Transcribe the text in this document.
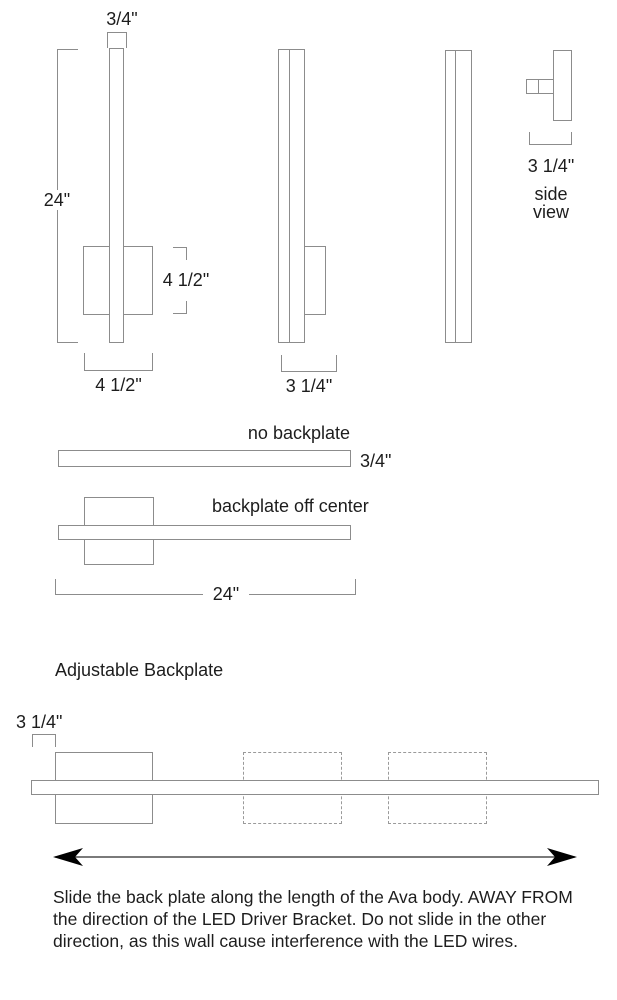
3/4"
24"
4 1/2"
4 1/2"	3 1/4"
3 1/4"
side
view
no backplate
3/4"
backplate off center
24"
Adjustable Backplate
3 1/4"
Slide the back plate along the length of the Ava body. AWAY FROM the direction of the LED Driver Bracket. Do not slide in the other direction, as this wall cause interference with the LED wires.
